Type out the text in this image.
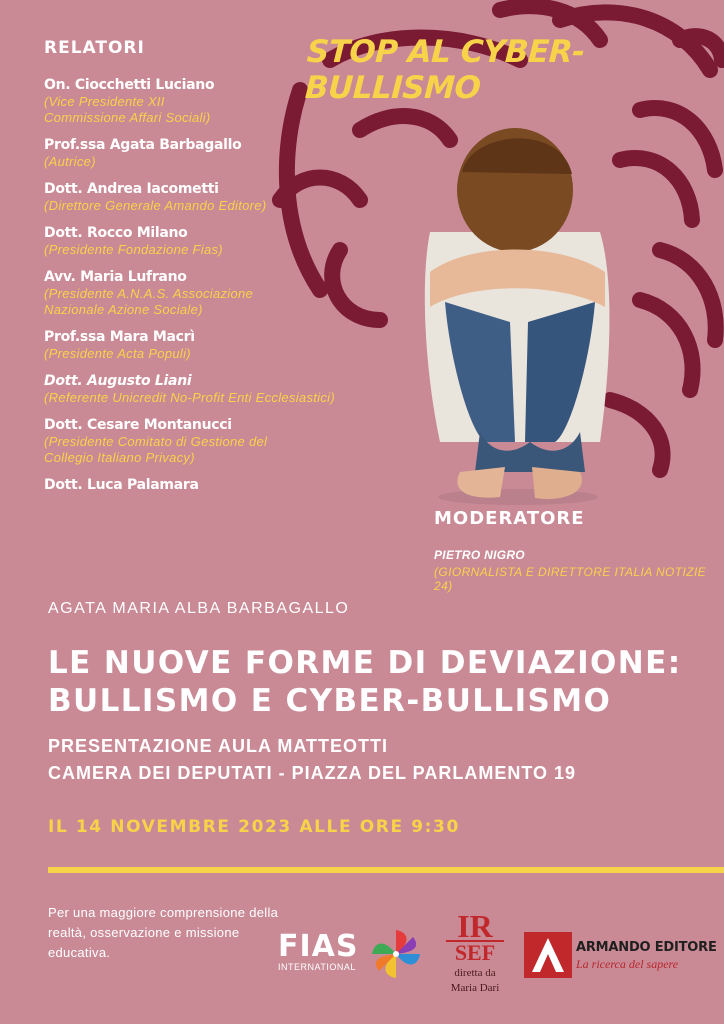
RELATORI	STOP AL CYBER-BULLISMO
On. Ciocchetti Luciano
(Vice Presidente XII
Commissione Affari Sociali)
Prof.ssa Agata Barbagallo
(Autrice)
Dott. Andrea Iacometti
(Direttore Generale Amando Editore)
Dott. Rocco Milano
(Presidente Fondazione Fias)
Avv. Maria Lufrano
(Presidente A.N.A.S. Associazione
Nazionale Azione Sociale)
Prof.ssa Mara Macrì
(Presidente Acta Populi)
Dott. Augusto Liani
(Referente Unicredit No-Profit Enti Ecclesiastici)
Dott. Cesare Montanucci
(Presidente Comitato di Gestione del
Collegio Italiano Privacy)
Dott. Luca Palamara
MODERATORE
PIETRO NIGRO
(GIORNALISTA E DIRETTORE ITALIA NOTIZIE 24)
AGATA MARIA ALBA BARBAGALLO
LE NUOVE FORME DI DEVIAZIONE:
BULLISMO E CYBER-BULLISMO
PRESENTAZIONE AULA MATTEOTTI
CAMERA DEI DEPUTATI - PIAZZA DEL PARLAMENTO 19
IL 14 NOVEMBRE 2023 ALLE ORE 9:30
Per una maggiore comprensione della realtà, osservazione e missione educativa.	FIAS
INTERNATIONAL
IR
SEF
diretta da
Maria Dari
ARMANDO EDITORE
La ricerca del sapere
